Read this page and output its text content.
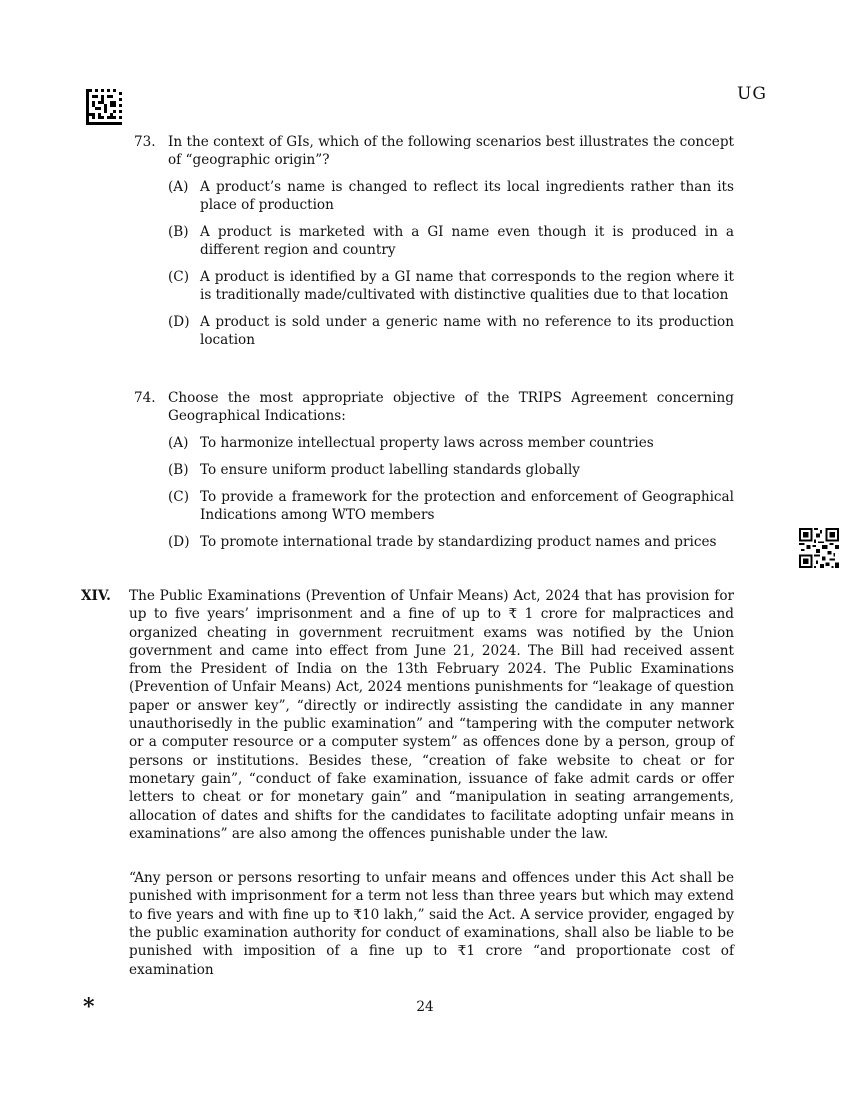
UG
73. In the context of GIs, which of the following scenarios best illustrates the concept of “geographic origin”?
(A) A product’s name is changed to reflect its local ingredients rather than its place of production
(B) A product is marketed with a GI name even though it is produced in a different region and country
(C) A product is identified by a GI name that corresponds to the region where it is traditionally made/cultivated with distinctive qualities due to that location
(D) A product is sold under a generic name with no reference to its production location
74. Choose the most appropriate objective of the TRIPS Agreement concerning Geographical Indications:
(A) To harmonize intellectual property laws across member countries
(B) To ensure uniform product labelling standards globally
(C) To provide a framework for the protection and enforcement of Geographical Indications among WTO members
(D) To promote international trade by standardizing product names and prices
XIV. The Public Examinations (Prevention of Unfair Means) Act, 2024 that has provision for up to five years’ imprisonment and a fine of up to ₹ 1 crore for malpractices and organized cheating in government recruitment exams was notified by the Union government and came into effect from June 21, 2024. The Bill had received assent from the President of India on the 13th February 2024. The Public Examinations (Prevention of Unfair Means) Act, 2024 mentions punishments for “leakage of question paper or answer key”, “directly or indirectly assisting the candidate in any manner unauthorisedly in the public examination” and “tampering with the computer network or a computer resource or a computer system” as offences done by a person, group of persons or institutions. Besides these, “creation of fake website to cheat or for monetary gain”, “conduct of fake examination, issuance of fake admit cards or offer letters to cheat or for monetary gain” and “manipulation in seating arrangements, allocation of dates and shifts for the candidates to facilitate adopting unfair means in examinations” are also among the offences punishable under the law.

“Any person or persons resorting to unfair means and offences under this Act shall be punished with imprisonment for a term not less than three years but which may extend to five years and with fine up to ₹10 lakh,” said the Act. A service provider, engaged by the public examination authority for conduct of examinations, shall also be liable to be punished with imposition of a fine up to ₹1 crore “and proportionate cost of examination

*	24
